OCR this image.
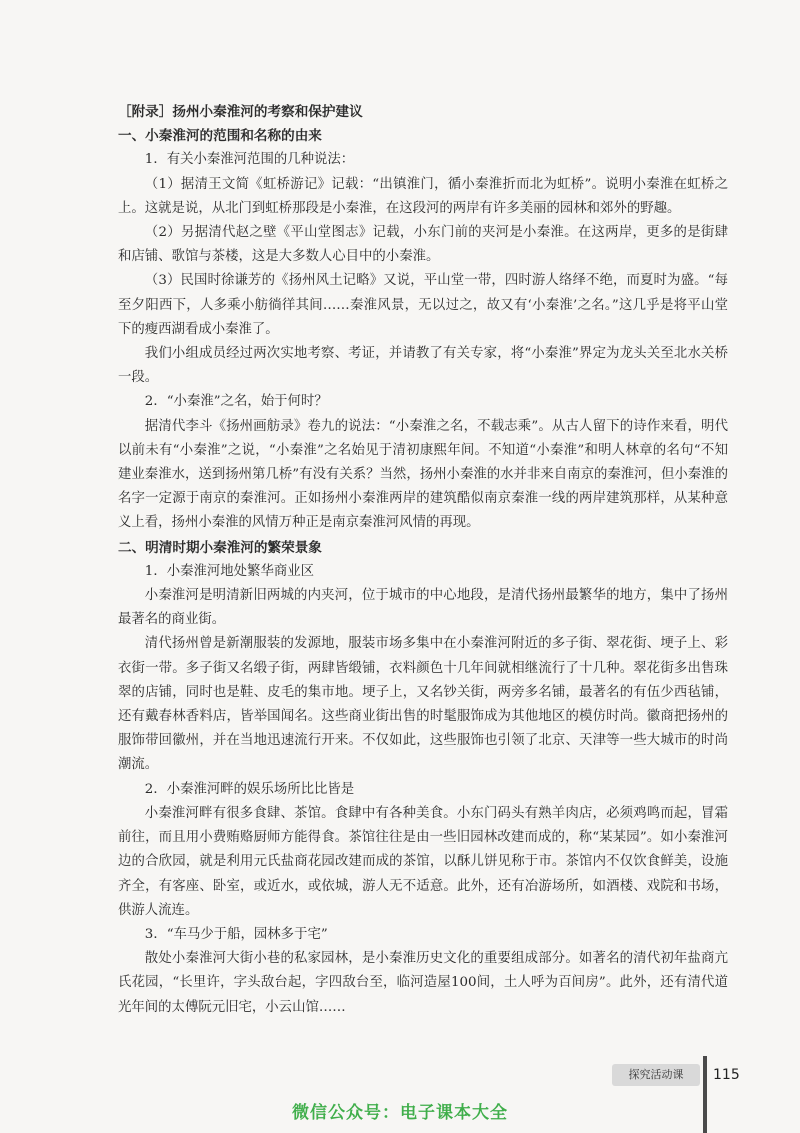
［附录］扬州小秦淮河的考察和保护建议

一、小秦淮河的范围和名称的由来

1．有关小秦淮河范围的几种说法：

（1）据清王文简《虹桥游记》记载：“出镇淮门，循小秦淮折而北为虹桥”。说明小秦淮在虹桥之上。这就是说，从北门到虹桥那段是小秦淮，在这段河的两岸有许多美丽的园林和郊外的野趣。

（2）另据清代赵之壁《平山堂图志》记载，小东门前的夹河是小秦淮。在这两岸，更多的是街肆和店铺、歌馆与茶楼，这是大多数人心目中的小秦淮。

（3）民国时徐谦芳的《扬州风土记略》又说，平山堂一带，四时游人络绎不绝，而夏时为盛。“每至夕阳西下，人多乘小舫徜徉其间……秦淮风景，无以过之，故又有‘小秦淮’之名。”这几乎是将平山堂下的瘦西湖看成小秦淮了。

我们小组成员经过两次实地考察、考证，并请教了有关专家，将“小秦淮”界定为龙头关至北水关桥一段。

2．“小秦淮”之名，始于何时？

据清代李斗《扬州画舫录》卷九的说法：“小秦淮之名，不载志乘”。从古人留下的诗作来看，明代以前未有“小秦淮”之说，“小秦淮”之名始见于清初康熙年间。不知道“小秦淮”和明人林章的名句“不知建业秦淮水，送到扬州第几桥”有没有关系？当然，扬州小秦淮的水并非来自南京的秦淮河，但小秦淮的名字一定源于南京的秦淮河。正如扬州小秦淮两岸的建筑酷似南京秦淮一线的两岸建筑那样，从某种意义上看，扬州小秦淮的风情万种正是南京秦淮河风情的再现。

二、明清时期小秦淮河的繁荣景象

1．小秦淮河地处繁华商业区

小秦淮河是明清新旧两城的内夹河，位于城市的中心地段，是清代扬州最繁华的地方，集中了扬州最著名的商业街。

清代扬州曾是新潮服装的发源地，服装市场多集中在小秦淮河附近的多子街、翠花街、埂子上、彩衣街一带。多子街又名缎子街，两肆皆缎铺，衣料颜色十几年间就相继流行了十几种。翠花街多出售珠翠的店铺，同时也是鞋、皮毛的集市地。埂子上，又名钞关街，两旁多名铺，最著名的有伍少西毡铺，还有戴春林香料店，皆举国闻名。这些商业街出售的时髦服饰成为其他地区的模仿时尚。徽商把扬州的服饰带回徽州，并在当地迅速流行开来。不仅如此，这些服饰也引领了北京、天津等一些大城市的时尚潮流。

2．小秦淮河畔的娱乐场所比比皆是

小秦淮河畔有很多食肆、茶馆。食肆中有各种美食。小东门码头有熟羊肉店，必须鸡鸣而起，冒霜前往，而且用小费贿赂厨师方能得食。茶馆往往是由一些旧园林改建而成的，称“某某园”。如小秦淮河边的合欣园，就是利用元氏盐商花园改建而成的茶馆，以酥儿饼见称于市。茶馆内不仅饮食鲜美，设施齐全，有客座、卧室，或近水，或依城，游人无不适意。此外，还有冶游场所，如酒楼、戏院和书场，供游人流连。

3．“车马少于船，园林多于宅”

散处小秦淮河大街小巷的私家园林，是小秦淮历史文化的重要组成部分。如著名的清代初年盐商亢氏花园，“长里许，字头敌台起，字四敌台至，临河造屋100间，土人呼为百间房”。此外，还有清代道光年间的太傅阮元旧宅，小云山馆……

探究活动课	115
微信公众号：电子课本大全
